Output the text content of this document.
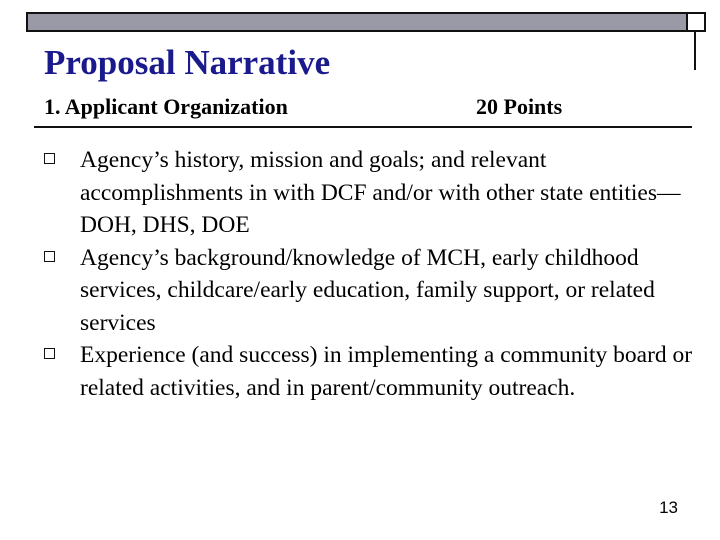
Proposal Narrative
1. Applicant Organization	20 Points
Agency’s history, mission and goals; and relevant accomplishments in with DCF and/or with other state entities—DOH, DHS, DOE
Agency’s background/knowledge of MCH, early childhood services, childcare/early education, family support, or related services
Experience (and success) in implementing a community board or related activities, and in parent/community outreach.
13
